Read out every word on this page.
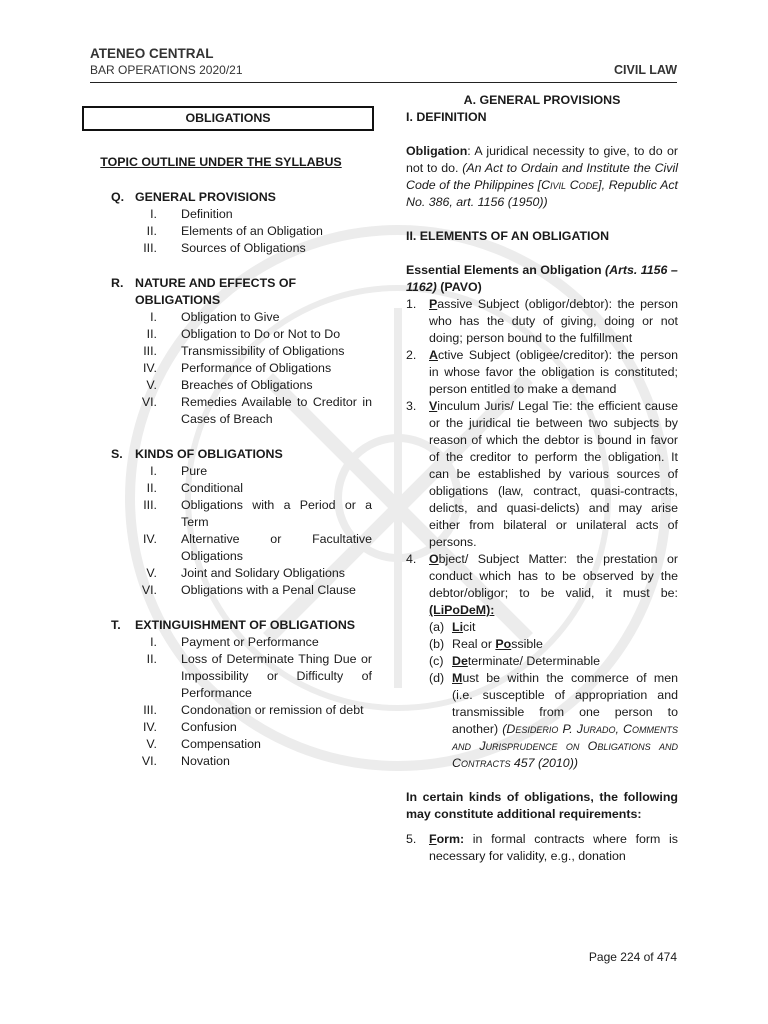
ATENEO CENTRAL
BAR OPERATIONS 2020/21	CIVIL LAW
OBLIGATIONS
TOPIC OUTLINE UNDER THE SYLLABUS
Q. GENERAL PROVISIONS
I.	Definition
II.	Elements of an Obligation
III.	Sources of Obligations
R. NATURE AND EFFECTS OF OBLIGATIONS
I.	Obligation to Give
II.	Obligation to Do or Not to Do
III.	Transmissibility of Obligations
IV.	Performance of Obligations
V.	Breaches of Obligations
VI.	Remedies Available to Creditor in Cases of Breach
S. KINDS OF OBLIGATIONS
I.	Pure
II.	Conditional
III.	Obligations with a Period or a Term
IV.	Alternative or Facultative Obligations
V.	Joint and Solidary Obligations
VI.	Obligations with a Penal Clause
T.	EXTINGUISHMENT OF OBLIGATIONS
I.	Payment or Performance
II.	Loss of Determinate Thing Due or Impossibility or Difficulty of Performance
III.	Condonation or remission of debt
IV.	Confusion
V.	Compensation
VI.	Novation
A. GENERAL PROVISIONS
I. DEFINITION
Obligation: A juridical necessity to give, to do or not to do. (An Act to Ordain and Institute the Civil Code of the Philippines [Civil Code], Republic Act No. 386, art. 1156 (1950))
II. ELEMENTS OF AN OBLIGATION
Essential Elements an Obligation (Arts. 1156 – 1162) (PAVO)
1.	Passive Subject (obligor/debtor): the person who has the duty of giving, doing or not doing; person bound to the fulfillment
2.	Active Subject (obligee/creditor): the person in whose favor the obligation is constituted; person entitled to make a demand
3.	Vinculum Juris/ Legal Tie: the efficient cause or the juridical tie between two subjects by reason of which the debtor is bound in favor of the creditor to perform the obligation. It can be established by various sources of obligations (law, contract, quasi-contracts, delicts, and quasi-delicts) and may arise either from bilateral or unilateral acts of persons.
4.	Object/ Subject Matter: the prestation or conduct which has to be observed by the debtor/obligor; to be valid, it must be: (LiPoDeM):
(a) Licit
(b) Real or Possible
(c) Determinate/ Determinable
(d) Must be within the commerce of men (i.e. susceptible of appropriation and transmissible from one person to another) (Desiderio P. Jurado, Comments and Jurisprudence on Obligations and Contracts 457 (2010))
In certain kinds of obligations, the following may constitute additional requirements:
5.	Form: in formal contracts where form is necessary for validity, e.g., donation
Page 224 of 474
